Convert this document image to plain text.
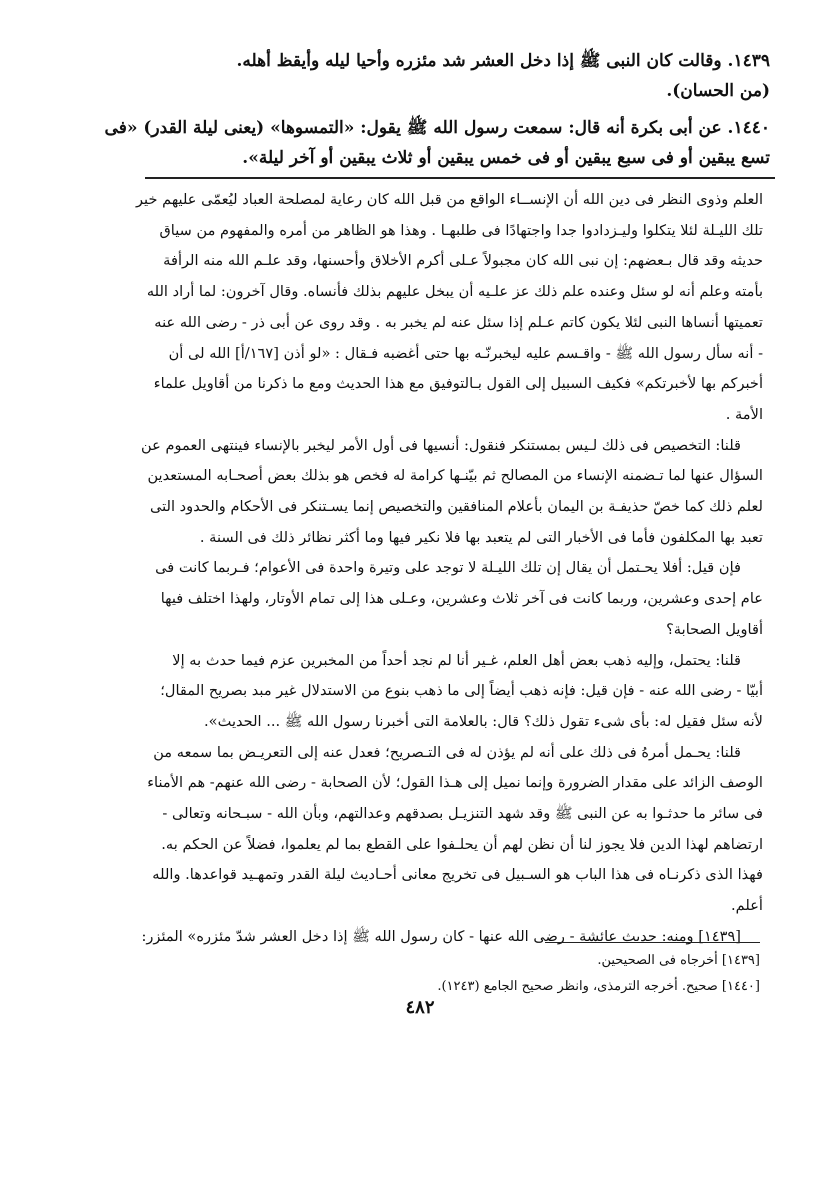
١٤٣٩. وقالت كان النبى ﷺ إذا دخل العشر شد مئزره وأحيا ليله وأيقظ أهله.
(من الحسان).
١٤٤٠. عن أبى بكرة أنه قال: سمعت رسول الله ﷺ يقول: «التمسوها» (يعنى ليلة القدر) «فى
تسع يبقين أو فى سبع يبقين أو فى خمس يبقين أو ثلاث يبقين أو آخر ليلة».

العلم وذوى النظر فى دين الله أن الإنســاء الواقع من قبل الله كان رعاية لمصلحة العباد ليُعمّى عليهم خير

تلك الليـلة لئلا يتكلوا وليـزدادوا جدا واجتهادًا فى طلبهـا . وهذا هو الظاهر من أمره والمفهوم من سياق

حديثه وقد قال بـعضهم: إن نبى الله كان مجبولاً عـلى أكرم الأخلاق وأحسنها، وقد علـم الله منه الرأفة

بأمته وعلم أنه لو سئل وعنده علم ذلك عز علـيه أن يبخل عليهم بذلك فأنساه. وقال آخرون: لما أراد الله

تعميتها أنساها النبى لئلا يكون كاتم عـلم إذا سئل عنه لم يخبر به . وقد روى عن أبى ذر - رضى الله عنه

- أنه سأل رسول الله ﷺ - واقـسم عليه ليخبرنّـه بها حتى أغضبه فـقال : «لو أذن [١٦٧/أ] الله لى أن

أخبركم بها لأخبرتكم» فكيف السبيل إلى القول بـالتوفيق مع هذا الحديث ومع ما ذكرنا من أقاويل علماء

الأمة .

قلنا: التخصيص فى ذلك لـيس بمستنكر فنقول: أنسيها فى أول الأمر ليخبر بالإنساء فينتهى العموم عن

السؤال عنها لما تـضمنه الإنساء من المصالح ثم بيّنـها كرامة له فخص هو بذلك بعض أصحـابه المستعدين

لعلم ذلك كما خصّ حذيفـة بن اليمان بأعلام المنافقين والتخصيص إنما يسـتنكر فى الأحكام والحدود التى

تعبد بها المكلفون فأما فى الأخبار التى لم يتعبد بها فلا نكير فيها وما أكثر نظائر ذلك فى السنة .

فإن قيل: أفلا يحـتمل أن يقال إن تلك الليـلة لا توجد على وتيرة واحدة فى الأعوام؛ فـربما كانت فى

عام إحدى وعشرين، وربما كانت فى آخر ثلاث وعشرين، وعـلى هذا إلى تمام الأوتار، ولهذا اختلف فيها

أقاويل الصحابة؟

قلنا: يحتمل، وإليه ذهب بعض أهل العلم، غـير أنا لم نجد أحداً من المخبرين عزم فيما حدث به إلا

أبيّا - رضى الله عنه - فإن قيل: فإنه ذهب أيضاً إلى ما ذهب بنوع من الاستدلال غير مبد بصريح المقال؛

لأنه سئل فقيل له: بأى شىء تقول ذلك؟ قال: بالعلامة التى أخبرنا رسول الله ﷺ ... الحديث».

قلنا: يحـمل أمرهُ فى ذلك على أنه لم يؤذن له فى التـصريح؛ فعدل عنه إلى التعريـض بما سمعه من

الوصف الزائد على مقدار الضرورة وإنما نميل إلى هـذا القول؛ لأن الصحابة - رضى الله عنهم- هم الأمناء

فى سائر ما حدثـوا به عن النبى ﷺ وقد شهد التنزيـل بصدقهم وعدالتهم، وبأن الله - سبـحانه وتعالى -

ارتضاهم لهذا الدين فلا يجوز لنا أن نظن لهم أن يحلـفوا على القطع بما لم يعلموا، فضلاً عن الحكم به.

فهذا الذى ذكرنـاه فى هذا الباب هو السـبيل فى تخريج معانى أحـاديث ليلة القدر وتمهـيد قواعدها. والله

أعلم.

[١٤٣٩] ومنه: حديث عائشة - رضى الله عنها - كان رسول الله ﷺ إذا دخل العشر شدّ مئزره» المئزر:

[١٤٣٩] أخرجاه فى الصحيحين.

[١٤٤٠] صحيح. أخرجه الترمذى، وانظر صحيح الجامع (١٢٤٣).

٤٨٢
